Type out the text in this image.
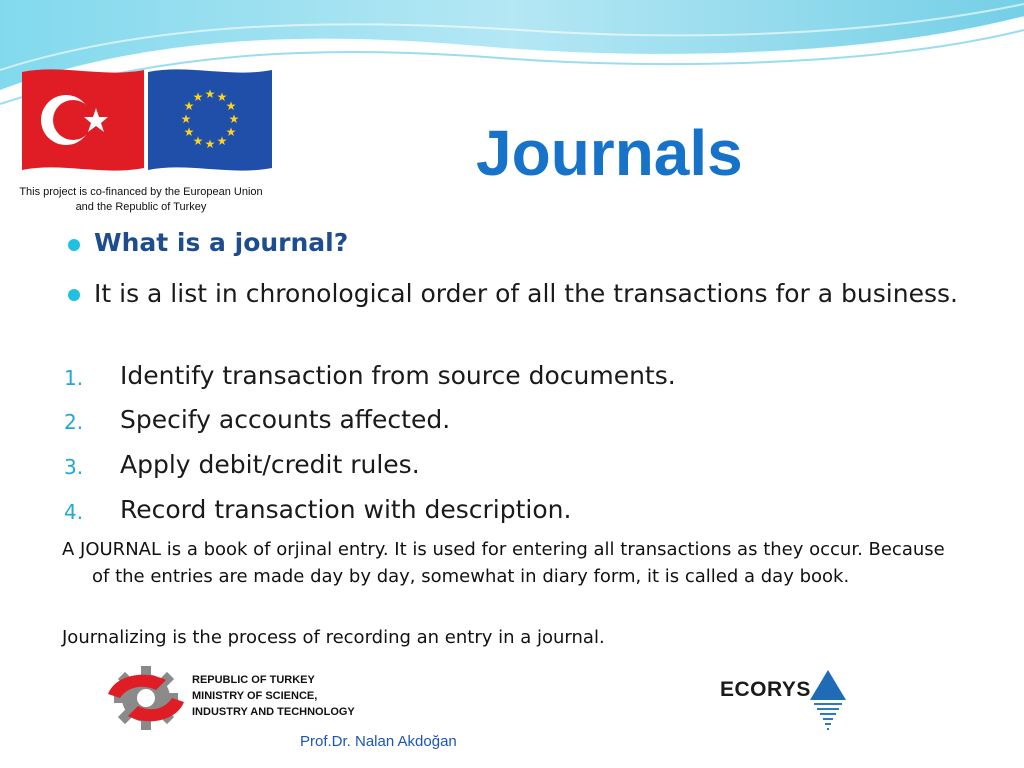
★ ★
★
★
★
★
★
★
★
★
★
★
This project is co-financed by the European Union and the Republic of Turkey
Journals
What is a journal?
It is a list in chronological order of all the transactions for a business.
1. Identify transaction from source documents.
2. Specify accounts affected.
3. Apply debit/credit rules.
4. Record transaction with description.
A JOURNAL is a book of orjinal entry. It is used for entering all transactions as they occur. Because of the entries are made day by day, somewhat in diary form, it is called a day book.
Journalizing is the process of recording an entry in a journal.
REPUBLIC OF TURKEY
MINISTRY OF SCIENCE,
INDUSTRY AND TECHNOLOGY
ECORYS
Prof.Dr. Nalan Akdoğan
